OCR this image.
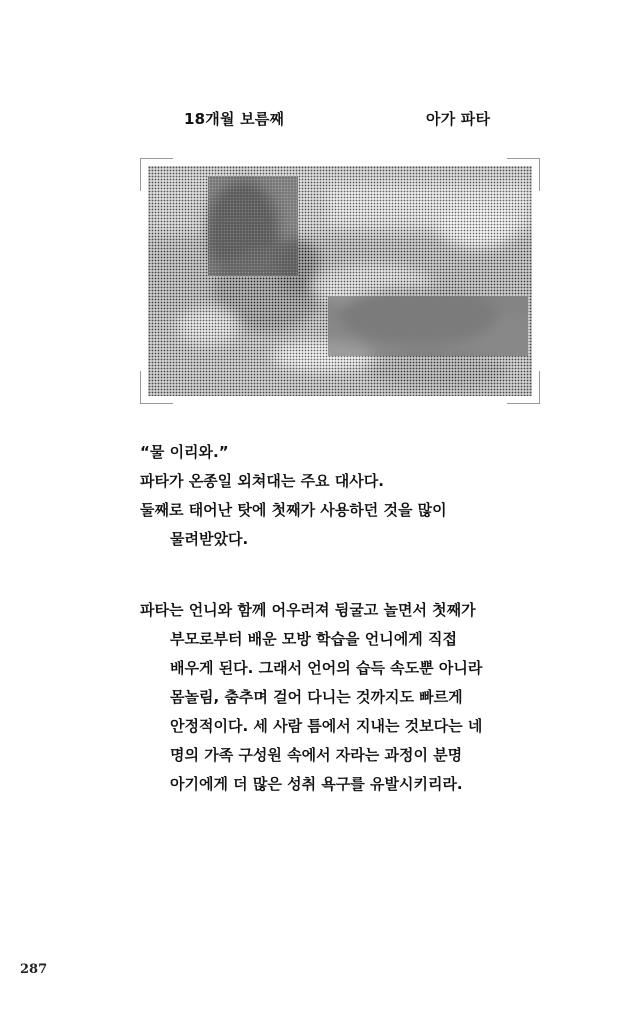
18개월 보름째	아가 파타
“물 이리와.”
파타가 온종일 외쳐대는 주요 대사다.
둘째로 태어난 탓에 첫째가 사용하던 것을 많이
물려받았다.
파타는 언니와 함께 어우러져 뒹굴고 놀면서 첫째가
부모로부터 배운 모방 학습을 언니에게 직접
배우게 된다. 그래서 언어의 습득 속도뿐 아니라
몸놀림, 춤추며 걸어 다니는 것까지도 빠르게
안정적이다. 세 사람 틈에서 지내는 것보다는 네
명의 가족 구성원 속에서 자라는 과정이 분명
아기에게 더 많은 성취 욕구를 유발시키리라.
287
